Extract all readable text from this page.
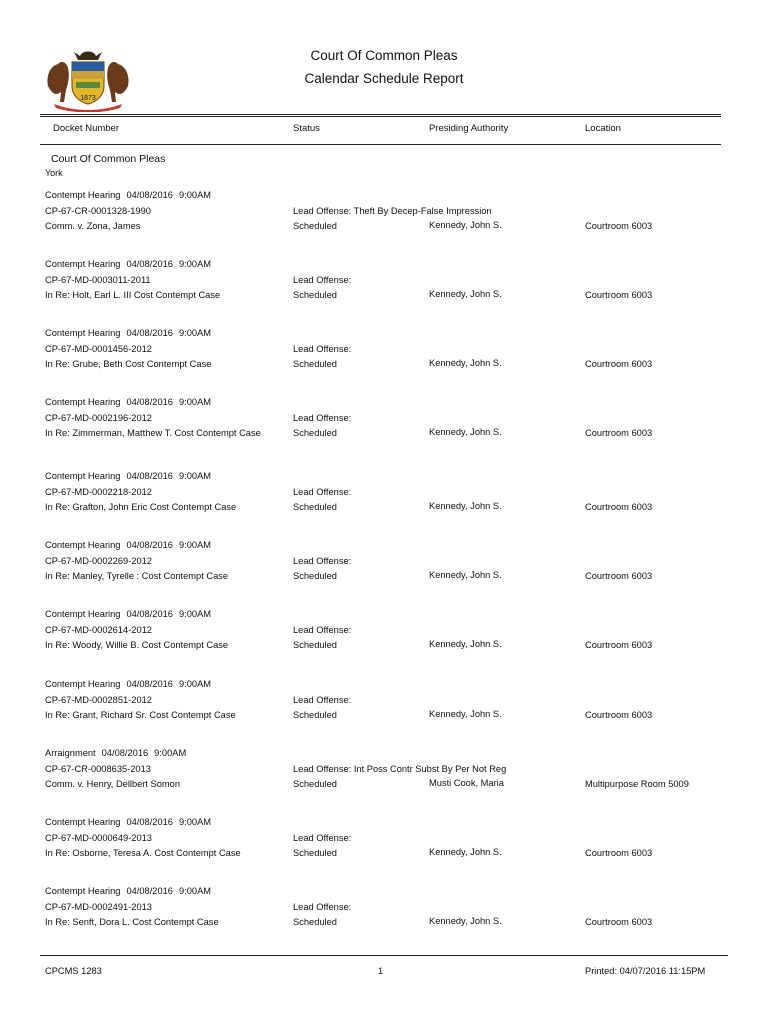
1873
Court Of Common Pleas
Calendar Schedule Report
Docket Number	Status	Presiding Authority	Location
Court Of Common Pleas
York
Contempt Hearing 04/08/2016 9:00AM
CP-67-CR-0001328-1990
Comm. v. Zona, James
Lead Offense: Theft By Decep-False Impression
Scheduled	Kennedy, John S.	Courtroom 6003
Contempt Hearing 04/08/2016 9:00AM
CP-67-MD-0003011-2011
In Re: Holt, Earl L. III Cost Contempt Case
Lead Offense:
Scheduled	Kennedy, John S.	Courtroom 6003
Contempt Hearing 04/08/2016 9:00AM
CP-67-MD-0001456-2012
In Re: Grube, Beth Cost Contempt Case
Lead Offense:
Scheduled	Kennedy, John S.	Courtroom 6003
Contempt Hearing 04/08/2016 9:00AM
CP-67-MD-0002196-2012
In Re: Zimmerman, Matthew T. Cost Contempt Case
Lead Offense:
Scheduled	Kennedy, John S.	Courtroom 6003
Contempt Hearing 04/08/2016 9:00AM
CP-67-MD-0002218-2012
In Re: Grafton, John Eric Cost Contempt Case
Lead Offense:
Scheduled	Kennedy, John S.	Courtroom 6003
Contempt Hearing 04/08/2016 9:00AM
CP-67-MD-0002269-2012
In Re: Manley, Tyrelle : Cost Contempt Case
Lead Offense:
Scheduled	Kennedy, John S.	Courtroom 6003
Contempt Hearing 04/08/2016 9:00AM
CP-67-MD-0002614-2012
In Re: Woody, Willie B. Cost Contempt Case
Lead Offense:
Scheduled	Kennedy, John S.	Courtroom 6003
Contempt Hearing 04/08/2016 9:00AM
CP-67-MD-0002851-2012
In Re: Grant, Richard Sr. Cost Contempt Case
Lead Offense:
Scheduled	Kennedy, John S.	Courtroom 6003
Arraignment 04/08/2016 9:00AM
CP-67-CR-0008635-2013
Comm. v. Henry, Dellbert Somon
Lead Offense: Int Poss Contr Subst By Per Not Reg
Scheduled	Musti Cook, Maria	Multipurpose Room 5009
Contempt Hearing 04/08/2016 9:00AM
CP-67-MD-0000649-2013
In Re: Osborne, Teresa A. Cost Contempt Case
Lead Offense:
Scheduled	Kennedy, John S.	Courtroom 6003
Contempt Hearing 04/08/2016 9:00AM
CP-67-MD-0002491-2013
In Re: Senft, Dora L. Cost Contempt Case
Lead Offense:
Scheduled	Kennedy, John S.	Courtroom 6003
CPCMS 1283	1	Printed: 04/07/2016 11:15PM
